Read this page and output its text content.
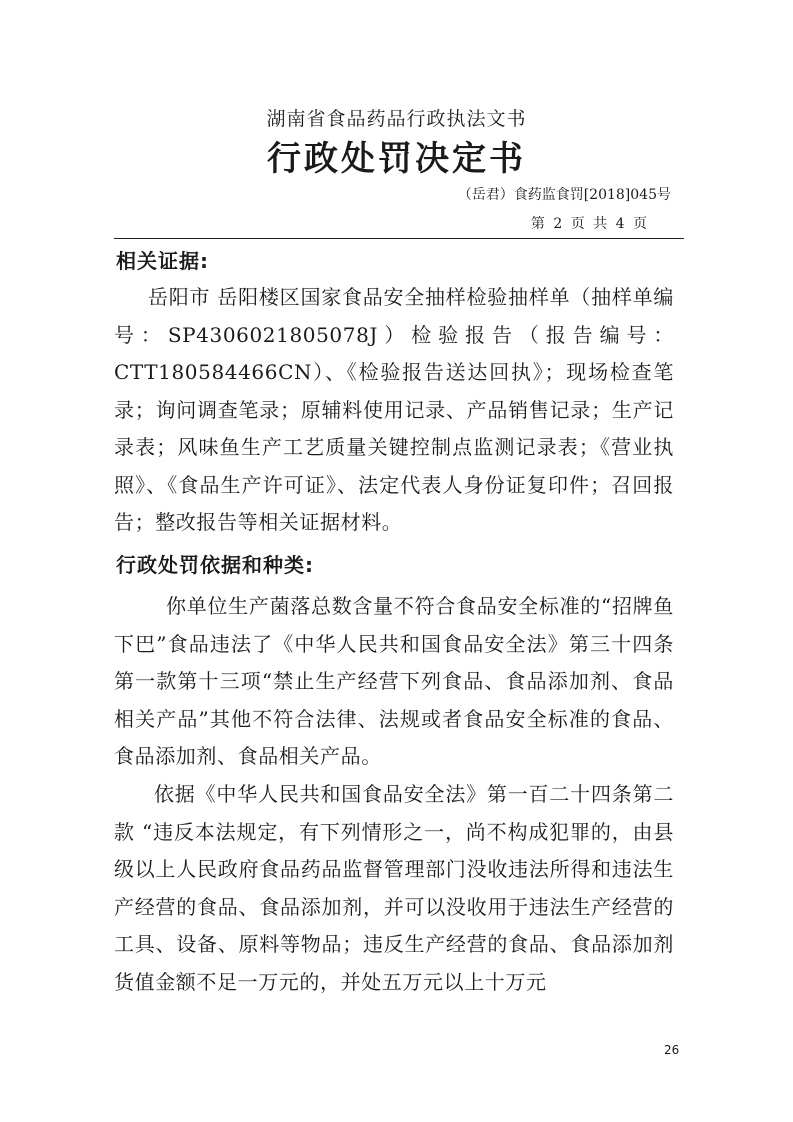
湖南省食品药品行政执法文书
行政处罚决定书
（岳君）食药监食罚[2018]045号
第 2 页 共 4 页
相关证据:

岳阳市 岳阳楼区国家食品安全抽样检验抽样单（抽样单编号：SP4306021805078J）检验报告（报告编号：CTT180584466CN）、《检验报告送达回执》；现场检查笔录；询问调查笔录；原辅料使用记录、产品销售记录；生产记录表；风味鱼生产工艺质量关键控制点监测记录表；《营业执照》、《食品生产许可证》、法定代表人身份证复印件；召回报告；整改报告等相关证据材料。

行政处罚依据和种类:

你单位生产菌落总数含量不符合食品安全标准的“招牌鱼下巴”食品违法了《中华人民共和国食品安全法》第三十四条第一款第十三项“禁止生产经营下列食品、食品添加剂、食品相关产品”其他不符合法律、法规或者食品安全标准的食品、食品添加剂、食品相关产品。

依据《中华人民共和国食品安全法》第一百二十四条第二款 “违反本法规定，有下列情形之一，尚不构成犯罪的，由县级以上人民政府食品药品监督管理部门没收违法所得和违法生产经营的食品、食品添加剂，并可以没收用于违法生产经营的工具、设备、原料等物品；违反生产经营的食品、食品添加剂货值金额不足一万元的，并处五万元以上十万元

26
